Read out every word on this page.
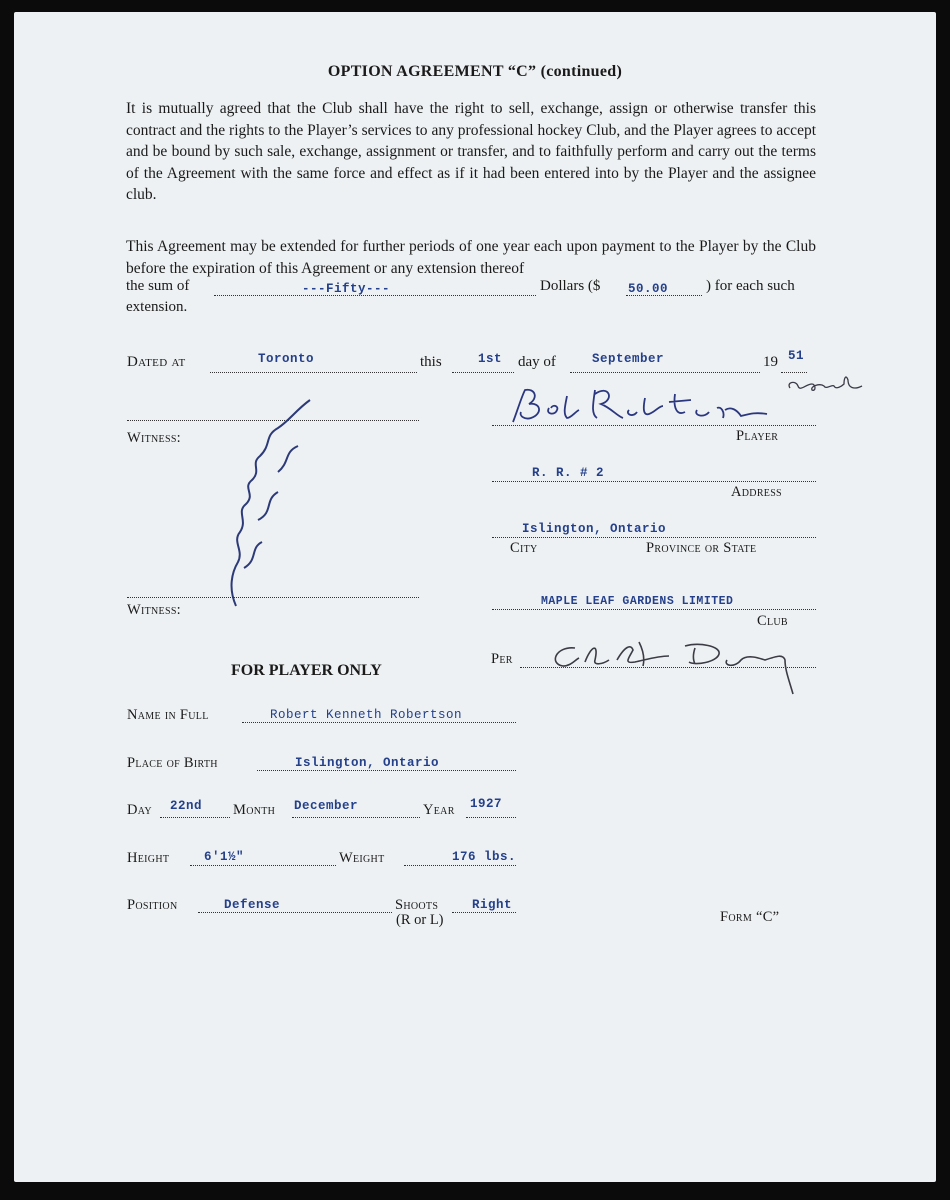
OPTION AGREEMENT “C” (continued)

It is mutually agreed that the Club shall have the right to sell, exchange, assign or otherwise transfer this contract and the rights to the Player’s services to any professional hockey Club, and the Player agrees to accept and be bound by such sale, exchange, assignment or transfer, and to faithfully perform and carry out the terms of the Agreement with the same force and effect as if it had been entered into by the Player and the assignee club.

This Agreement may be extended for further periods of one year each upon payment to the Player by the Club before the expiration of this Agreement or any extension thereof

the sum of	---Fifty---	Dollars ($ 50.00	) for each such
extension.
Dated at	Toronto	this	1st day of	September	19 51
Witness:
Witness:
Player
R. R. # 2
Address
Islington, Ontario
City	Province or State
MAPLE LEAF GARDENS LIMITED
Club
Per
FOR PLAYER ONLY
Name in Full	Robert Kenneth Robertson
Place of Birth	Islington, Ontario
Day 22nd Month December	Year 1927
Height	6'1½"	Weight	176 lbs.
Position	Defense	Shoots	Right
(R or L)	Form “C”
